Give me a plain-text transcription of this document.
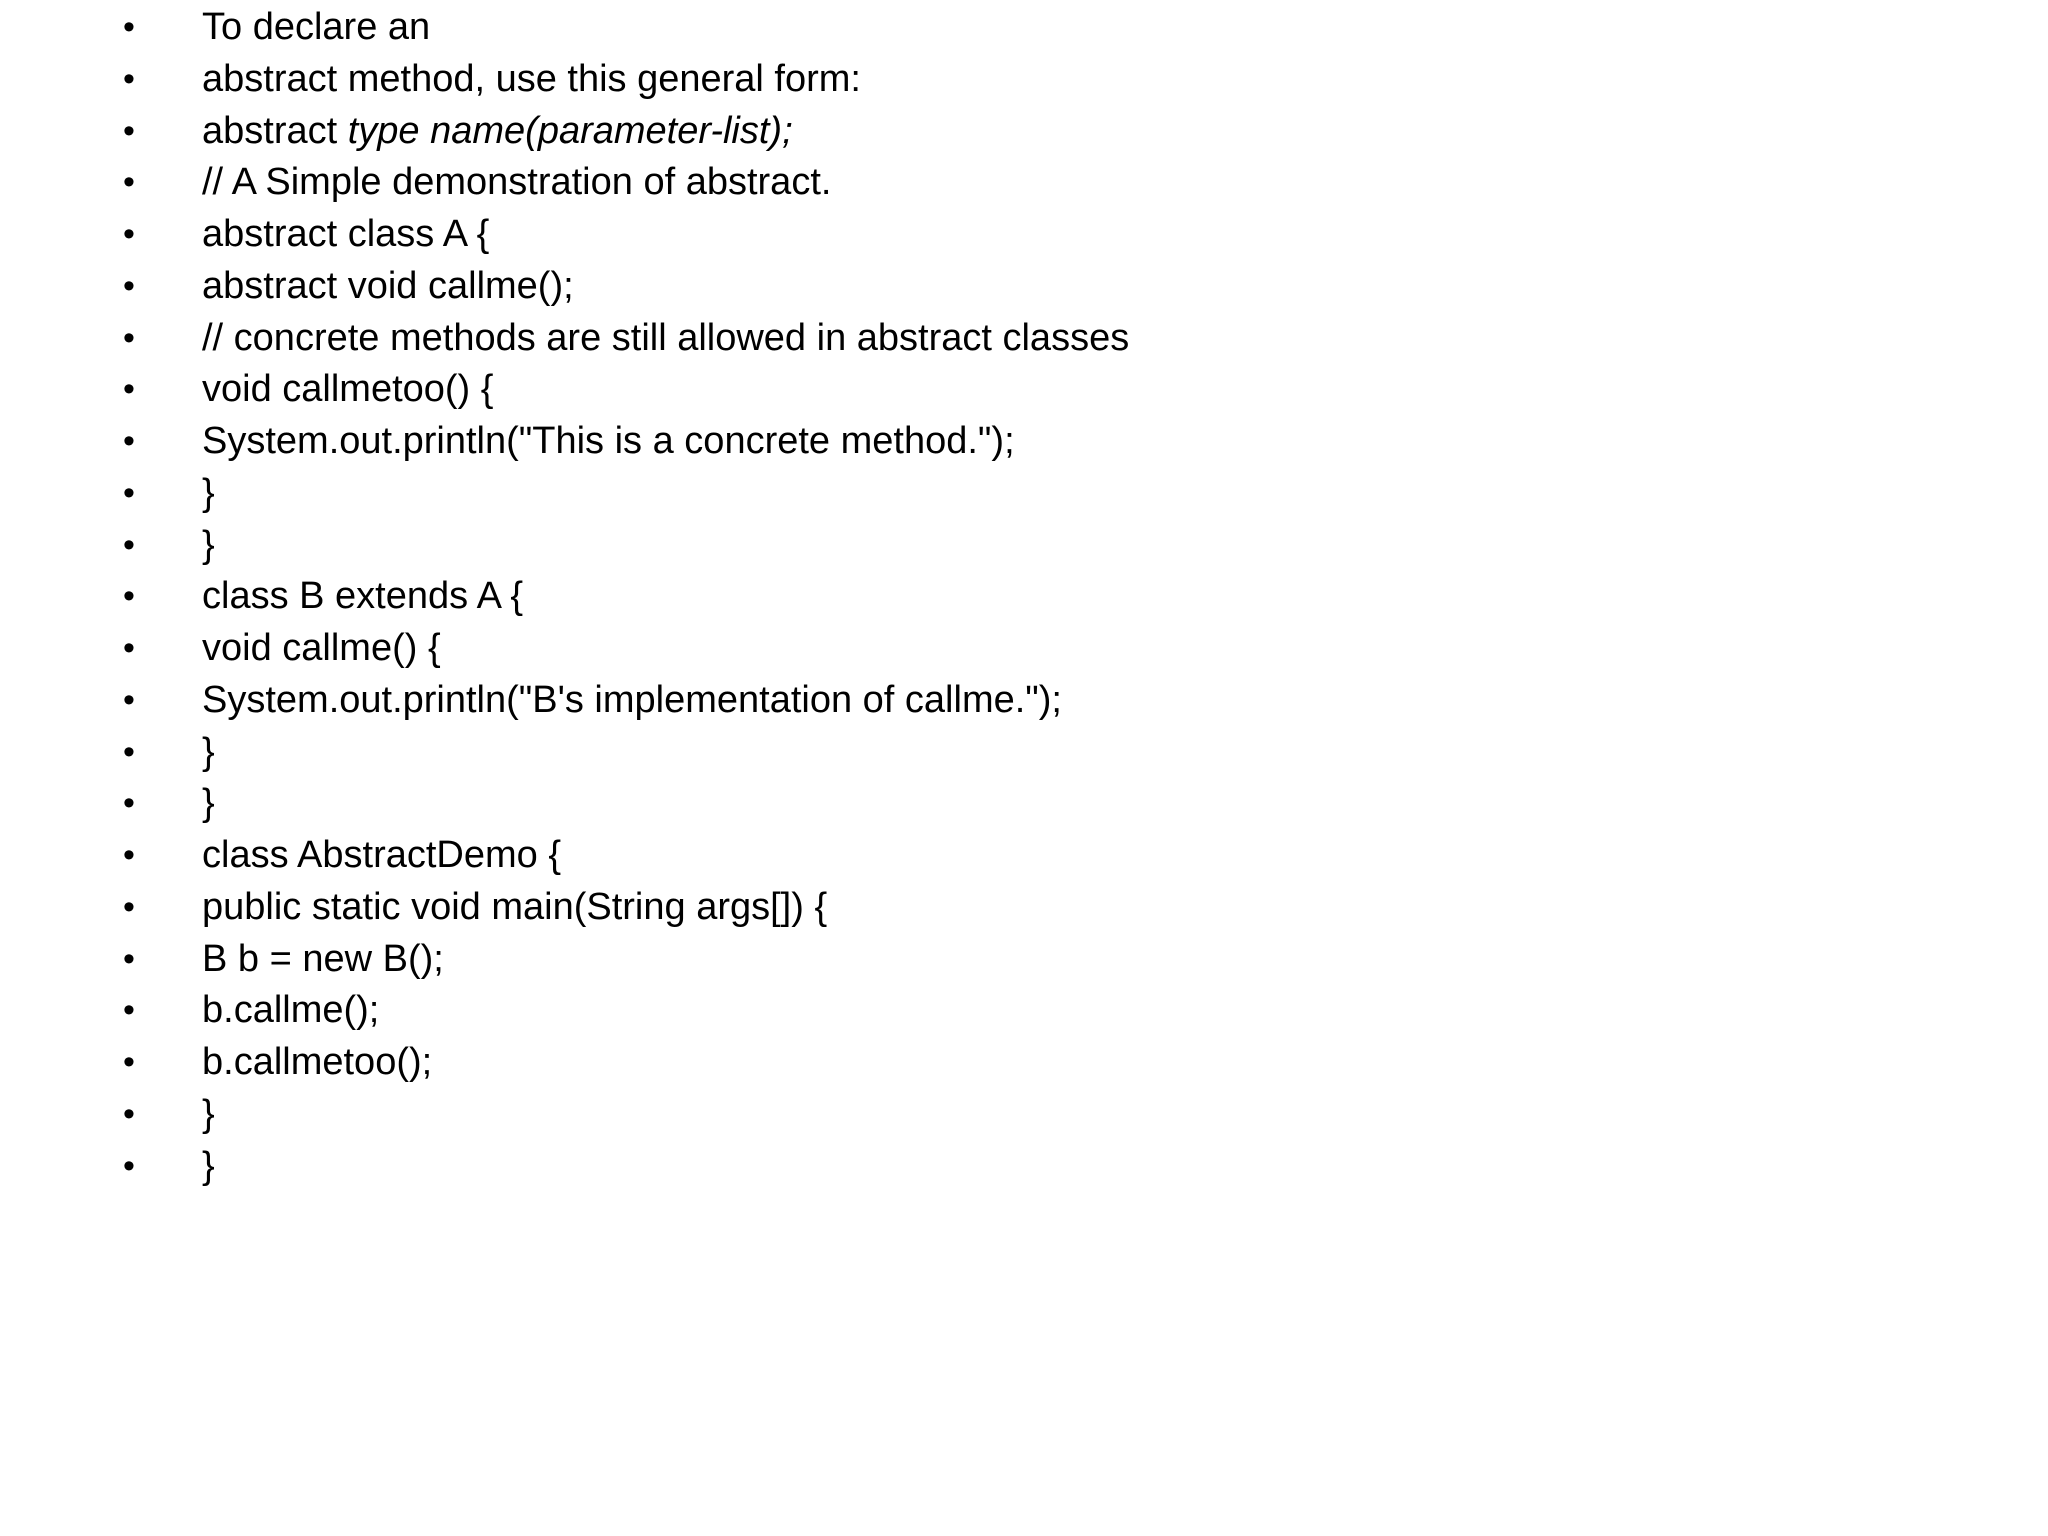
•	To declare an
•	abstract method, use this general form:
•	abstract type name(parameter-list);
•	// A Simple demonstration of abstract.
•	abstract class A {
•	abstract void callme();
•	// concrete methods are still allowed in abstract classes
•	void callmetoo() {
•	System.out.println("This is a concrete method.");
•	}
•	}
•	class B extends A {
•	void callme() {
•	System.out.println("B's implementation of callme.");
•	}
•	}
•	class AbstractDemo {
•	public static void main(String args[]) {
•	B b = new B();
•	b.callme();
•	b.callmetoo();
•	}
•	}
